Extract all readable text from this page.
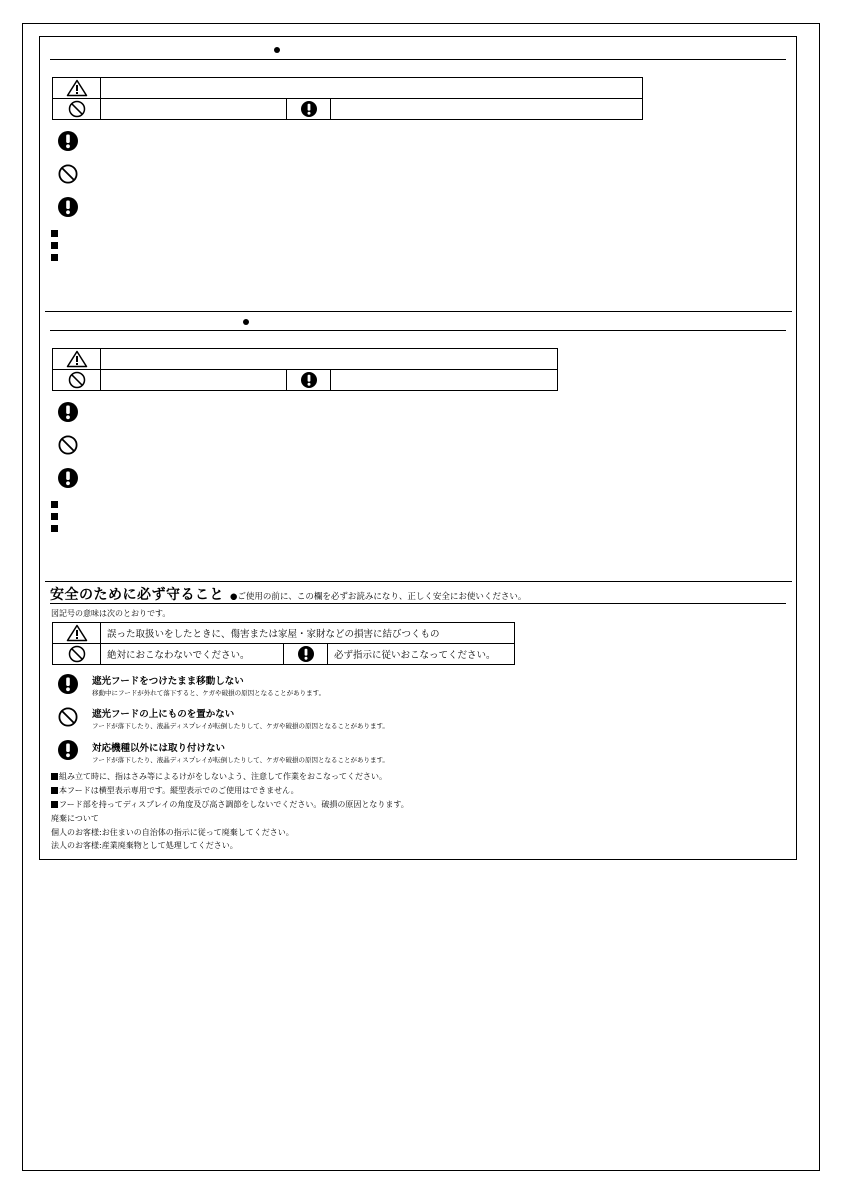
安全のために必ず守ること ●ご使用の前に、この欄を必ずお読みになり、正しく安全にお使いください。
図記号の意味は次のとおりです。
	誤った取扱いをしたときに、傷害または家屋・家財などの損害に結びつくもの		

	絶対におこなわないでください。		必ず指示に従いおこなってください。
遮光フードをつけたまま移動しない
移動中にフードが外れて落下すると、ケガや破損の原因となることがあります。
遮光フードの上にものを置かない
フードが落下したり、液晶ディスプレイが転倒したりして、ケガや破損の原因となることがあります。
対応機種以外には取り付けない
フードが落下したり、液晶ディスプレイが転倒したりして、ケガや破損の原因となることがあります。
組み立て時に、指はさみ等によるけがをしないよう、注意して作業をおこなってください。
本フードは横型表示専用です。縦型表示でのご使用はできません。
フード部を持ってディスプレイの角度及び高さ調節をしないでください。破損の原因となります。
廃棄について
個人のお客様:お住まいの自治体の指示に従って廃棄してください。
法人のお客様:産業廃棄物として処理してください。
